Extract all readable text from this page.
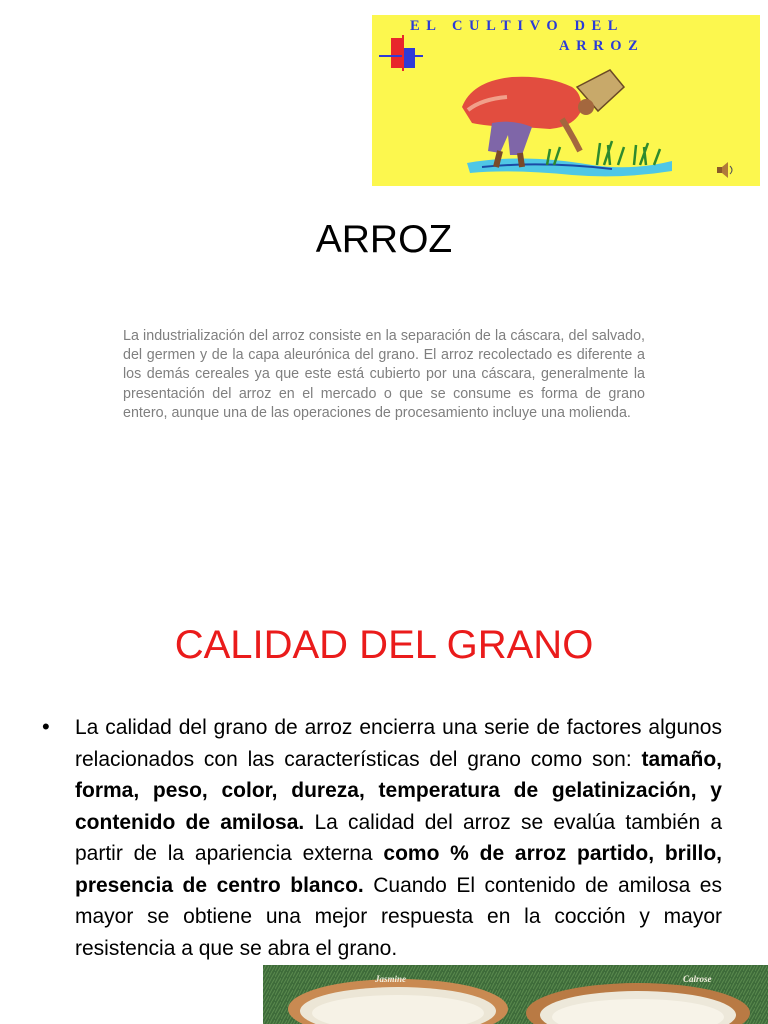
EL CULTIVO DEL
ARROZ
ARROZ

La industrialización del arroz consiste en la separación de la cáscara, del salvado, del germen y de la capa aleurónica del grano. El arroz recolectado es diferente a los demás cereales ya que este está cubierto por una cáscara, generalmente la presentación del arroz en el mercado o que se consume es forma de grano entero, aunque una de las operaciones de procesamiento incluye una molienda.

CALIDAD DEL GRANO
• La calidad del grano de arroz encierra una serie de factores algunos relacionados con las características del grano como son: tamaño, forma, peso, color, dureza, temperatura de gelatinización, y contenido de amilosa. La calidad del arroz se evalúa también a partir de la apariencia externa como % de arroz partido, brillo, presencia de centro blanco. Cuando El contenido de amilosa es mayor se obtiene una mejor respuesta en la cocción y mayor resistencia a que se abra el grano.

Jasmine	Calrose
